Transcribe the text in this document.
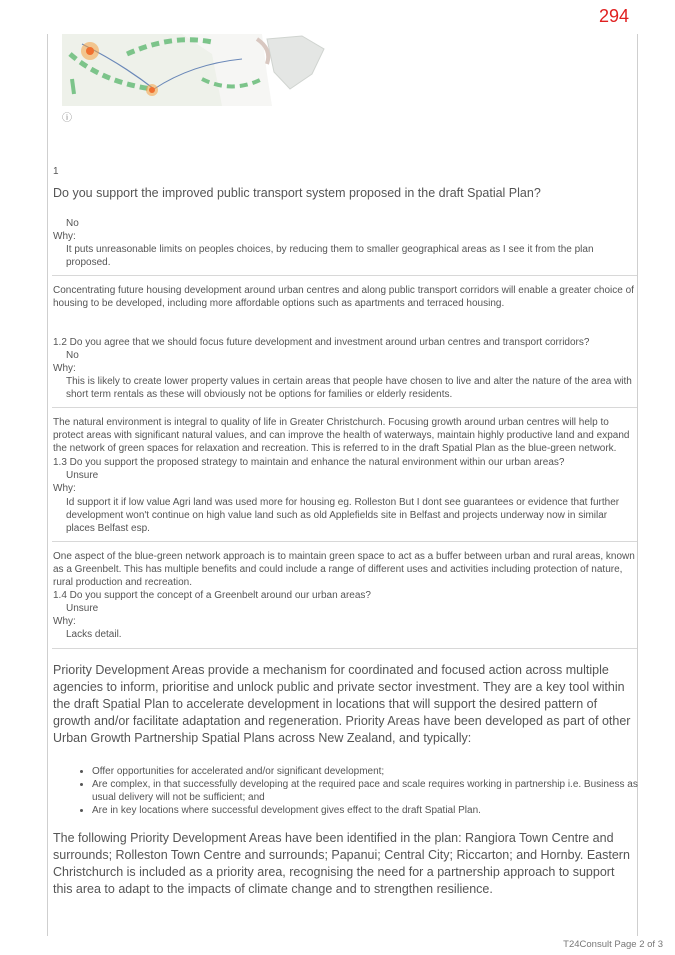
294
ⓘ
1
Do you support the improved public transport system proposed in the draft Spatial Plan?
No
Why:
It puts unreasonable limits on peoples choices, by reducing them to smaller geographical areas as I see it from the plan proposed.
Concentrating future housing development around urban centres and along public transport corridors will enable a greater choice of housing to be developed, including more affordable options such as apartments and terraced housing.
1.2 Do you agree that we should focus future development and investment around urban centres and transport corridors?
No
Why:
This is likely to create lower property values in certain areas that people have chosen to live and alter the nature of the area with short term rentals as these will obviously not be options for families or elderly residents.
The natural environment is integral to quality of life in Greater Christchurch. Focusing growth around urban centres will help to protect areas with significant natural values, and can improve the health of waterways, maintain highly productive land and expand the network of green spaces for relaxation and recreation. This is referred to in the draft Spatial Plan as the blue-green network.
1.3 Do you support the proposed strategy to maintain and enhance the natural environment within our urban areas?
Unsure
Why:
Id support it if low value Agri land was used more for housing eg. Rolleston But I dont see guarantees or evidence that further development won't continue on high value land such as old Applefields site in Belfast and projects underway now in similar places Belfast esp.
One aspect of the blue-green network approach is to maintain green space to act as a buffer between urban and rural areas, known as a Greenbelt. This has multiple benefits and could include a range of different uses and activities including protection of nature, rural production and recreation.
1.4 Do you support the concept of a Greenbelt around our urban areas?
Unsure
Why:
Lacks detail.
Priority Development Areas provide a mechanism for coordinated and focused action across multiple agencies to inform, prioritise and unlock public and private sector investment. They are a key tool within the draft Spatial Plan to accelerate development in locations that will support the desired pattern of growth and/or facilitate adaptation and regeneration. Priority Areas have been developed as part of other Urban Growth Partnership Spatial Plans across New Zealand, and typically:
• Offer opportunities for accelerated and/or significant development;
• Are complex, in that successfully developing at the required pace and scale requires working in partnership i.e. Business as usual delivery will not be sufficient; and
• Are in key locations where successful development gives effect to the draft Spatial Plan.
The following Priority Development Areas have been identified in the plan: Rangiora Town Centre and surrounds; Rolleston Town Centre and surrounds; Papanui; Central City; Riccarton; and Hornby. Eastern Christchurch is included as a priority area, recognising the need for a partnership approach to support this area to adapt to the impacts of climate change and to strengthen resilience.
T24Consult Page 2 of 3
